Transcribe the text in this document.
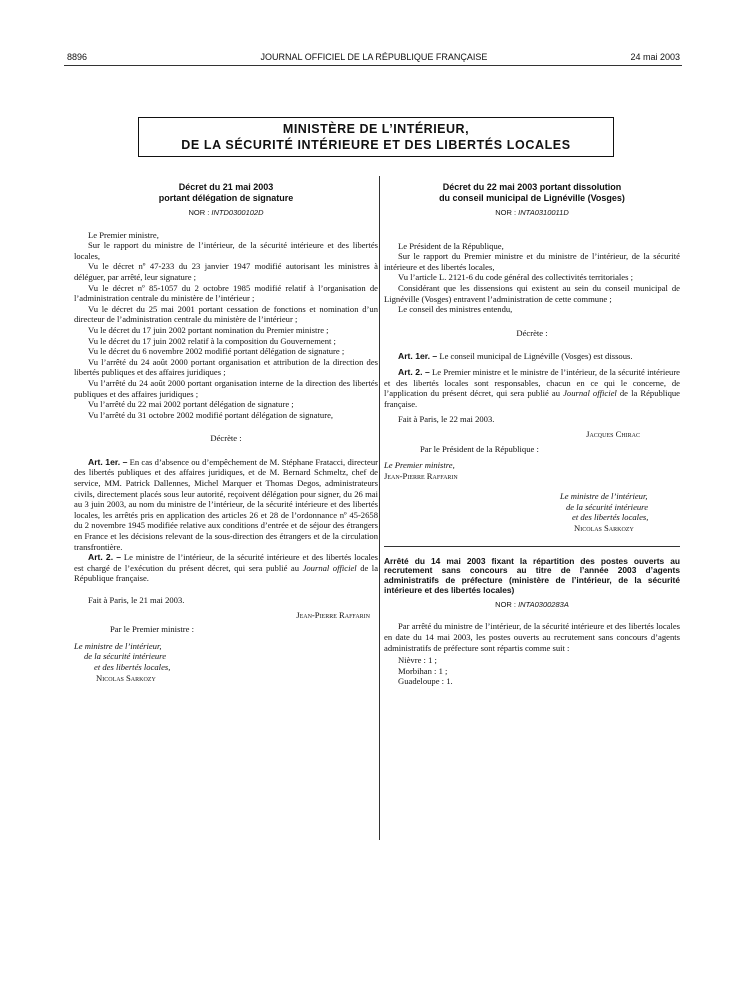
8896	JOURNAL OFFICIEL DE LA RÉPUBLIQUE FRANÇAISE	24 mai 2003
MINISTÈRE DE L’INTÉRIEUR,
DE LA SÉCURITÉ INTÉRIEURE ET DES LIBERTÉS LOCALES
Décret du 21 mai 2003
portant délégation de signature
NOR : INTD0300102D

Le Premier ministre,

Sur le rapport du ministre de l’intérieur, de la sécurité intérieure et des libertés locales,

Vu le décret nº 47-233 du 23 janvier 1947 modifié autorisant les ministres à déléguer, par arrêté, leur signature ;

Vu le décret nº 85-1057 du 2 octobre 1985 modifié relatif à l’organisation de l’administration centrale du ministère de l’intérieur ;

Vu le décret du 25 mai 2001 portant cessation de fonctions et nomination d’un directeur de l’administration centrale du ministère de l’intérieur ;

Vu le décret du 17 juin 2002 portant nomination du Premier ministre ;

Vu le décret du 17 juin 2002 relatif à la composition du Gouvernement ;

Vu le décret du 6 novembre 2002 modifié portant délégation de signature ;

Vu l’arrêté du 24 août 2000 portant organisation et attribution de la direction des libertés publiques et des affaires juridiques ;

Vu l’arrêté du 24 août 2000 portant organisation interne de la direction des libertés publiques et des affaires juridiques ;

Vu l’arrêté du 22 mai 2002 portant délégation de signature ;

Vu l’arrêté du 31 octobre 2002 modifié portant délégation de signature,

Décrète :

Art. 1er. – En cas d’absence ou d’empêchement de M. Stéphane Fratacci, directeur des libertés publiques et des affaires juridiques, et de M. Bernard Schmeltz, chef de service, MM. Patrick Dallennes, Michel Marquer et Thomas Degos, administrateurs civils, directement placés sous leur autorité, reçoivent délégation pour signer, du 26 mai au 3 juin 2003, au nom du ministre de l’intérieur, de la sécurité intérieure et des libertés locales, les arrêtés pris en application des articles 26 et 28 de l’ordonnance nº 45-2658 du 2 novembre 1945 modifiée relative aux conditions d’entrée et de séjour des étrangers en France et les décisions relevant de la sous-direction des étrangers et de la circulation transfrontière.

Art. 2. – Le ministre de l’intérieur, de la sécurité intérieure et des libertés locales est chargé de l’exécution du présent décret, qui sera publié au Journal officiel de la République française.

Fait à Paris, le 21 mai 2003.

Jean-Pierre Raffarin

Par le Premier ministre :

Le ministre de l’intérieur,
de la sécurité intérieure
et des libertés locales,
Nicolas Sarkozy
Décret du 22 mai 2003 portant dissolution
du conseil municipal de Lignéville (Vosges)
NOR : INTA0310011D

Le Président de la République,

Sur le rapport du Premier ministre et du ministre de l’intérieur, de la sécurité intérieure et des libertés locales,

Vu l’article L. 2121-6 du code général des collectivités territoriales ;

Considérant que les dissensions qui existent au sein du conseil municipal de Lignéville (Vosges) entravent l’administration de cette commune ;

Le conseil des ministres entendu,

Décrète :

Art. 1er. – Le conseil municipal de Lignéville (Vosges) est dissous.

Art. 2. – Le Premier ministre et le ministre de l’intérieur, de la sécurité intérieure et des libertés locales sont responsables, chacun en ce qui le concerne, de l’application du présent décret, qui sera publié au Journal officiel de la République française.

Fait à Paris, le 22 mai 2003.

Jacques Chirac

Par le Président de la République :

Le Premier ministre,
Jean-Pierre Raffarin
Le ministre de l’intérieur,
de la sécurité intérieure
et des libertés locales,
Nicolas Sarkozy
Arrêté du 14 mai 2003 fixant la répartition des postes ouverts au recrutement sans concours au titre de l’année 2003 d’agents administratifs de préfecture (ministère de l’intérieur, de la sécurité intérieure et des libertés locales)
NOR : INTA0300283A

Par arrêté du ministre de l’intérieur, de la sécurité intérieure et des libertés locales en date du 14 mai 2003, les postes ouverts au recrutement sans concours d’agents administratifs de préfecture sont répartis comme suit :

Nièvre : 1 ;

Morbihan : 1 ;

Guadeloupe : 1.
